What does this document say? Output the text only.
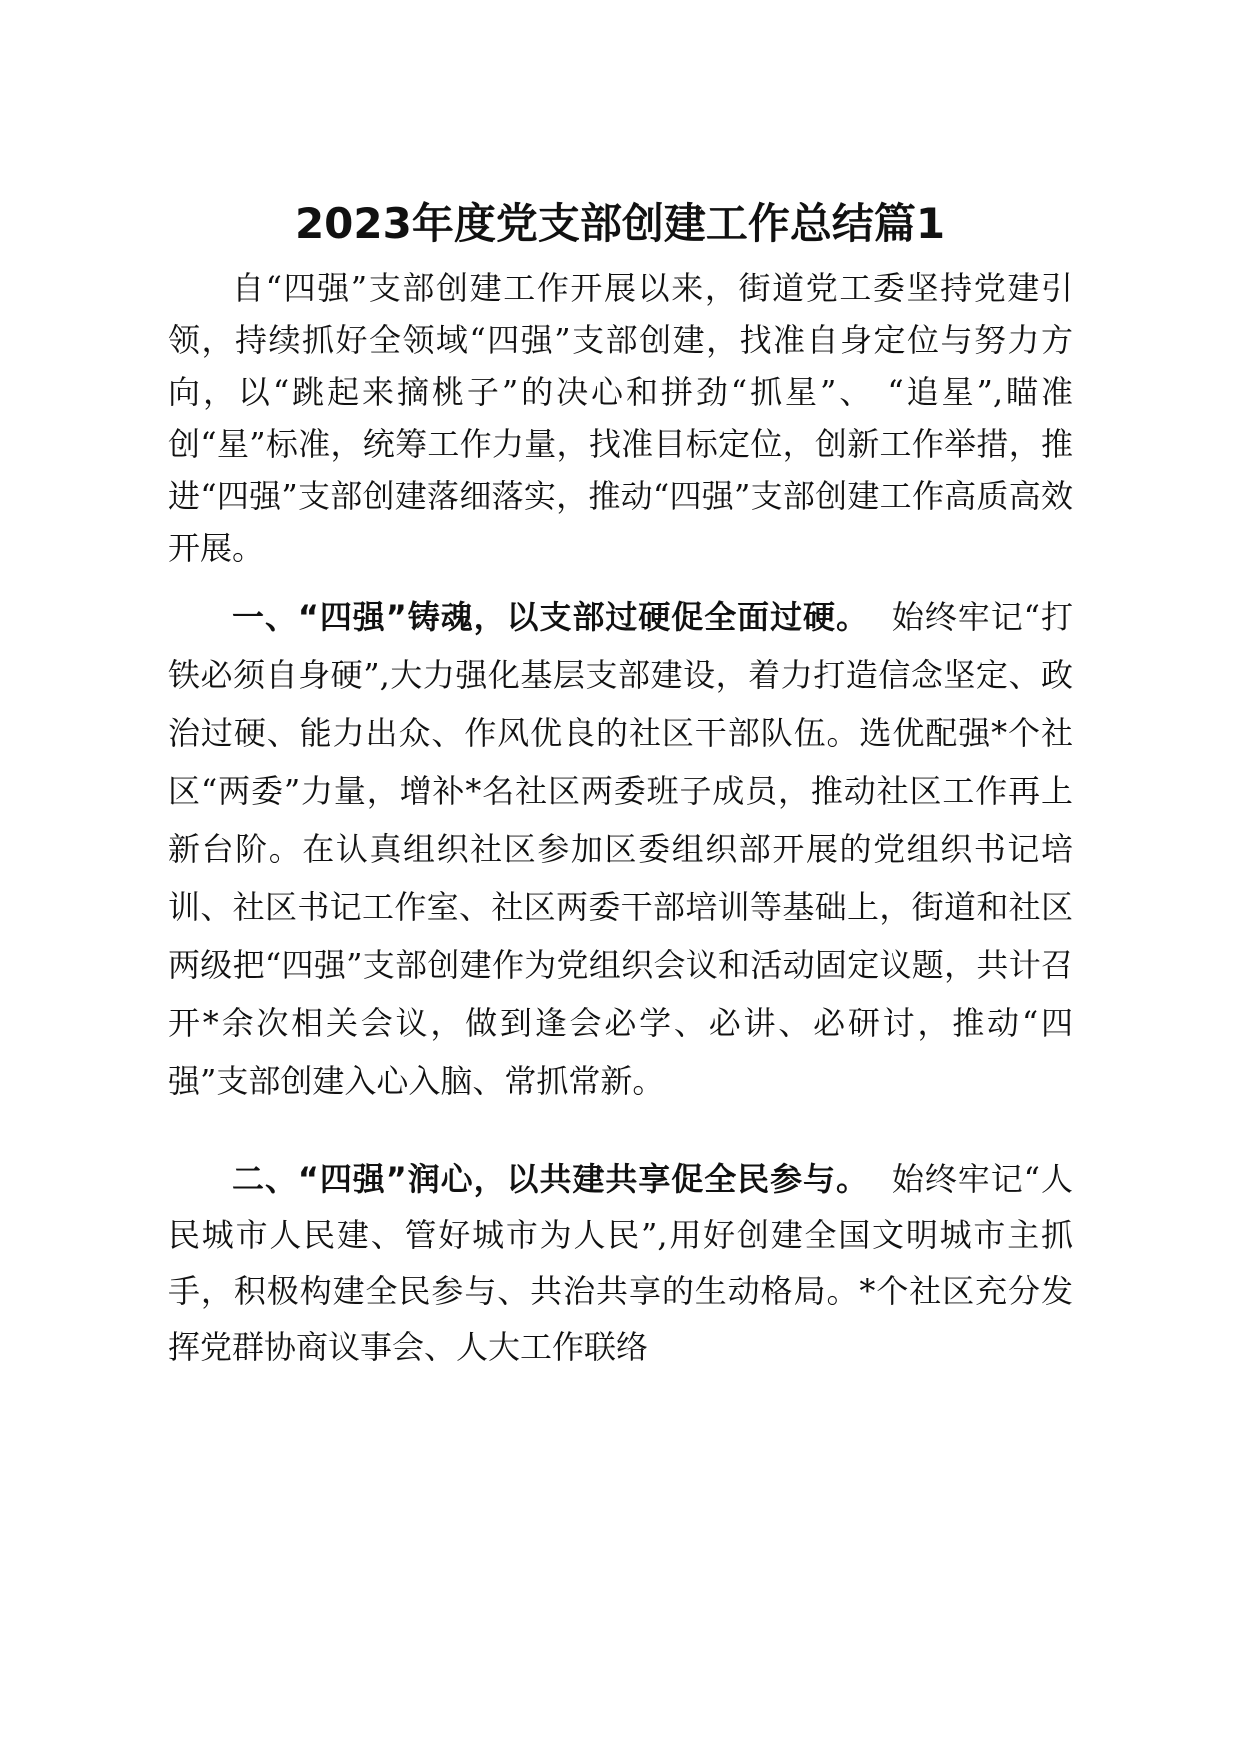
2023年度党支部创建工作总结篇1

自“四强”支部创建工作开展以来，街道党工委坚持党建引领，持续抓好全领域“四强”支部创建，找准自身定位与努力方向，以“跳起来摘桃子”的决心和拼劲“抓星”、 “追星”,瞄准创“星”标准，统筹工作力量，找准目标定位，创新工作举措，推进“四强”支部创建落细落实，推动“四强”支部创建工作高质高效开展。

一、“四强”铸魂，以支部过硬促全面过硬。 始终牢记“打铁必须自身硬”,大力强化基层支部建设，着力打造信念坚定、政治过硬、能力出众、作风优良的社区干部队伍。选优配强*个社区“两委”力量，增补*名社区两委班子成员，推动社区工作再上新台阶。在认真组织社区参加区委组织部开展的党组织书记培训、社区书记工作室、社区两委干部培训等基础上，街道和社区两级把“四强”支部创建作为党组织会议和活动固定议题，共计召开*余次相关会议，做到逢会必学、必讲、必研讨，推动“四强”支部创建入心入脑、常抓常新。

二、“四强”润心，以共建共享促全民参与。 始终牢记“人民城市人民建、管好城市为人民”,用好创建全国文明城市主抓手，积极构建全民参与、共治共享的生动格局。*个社区充分发挥党群协商议事会、人大工作联络
